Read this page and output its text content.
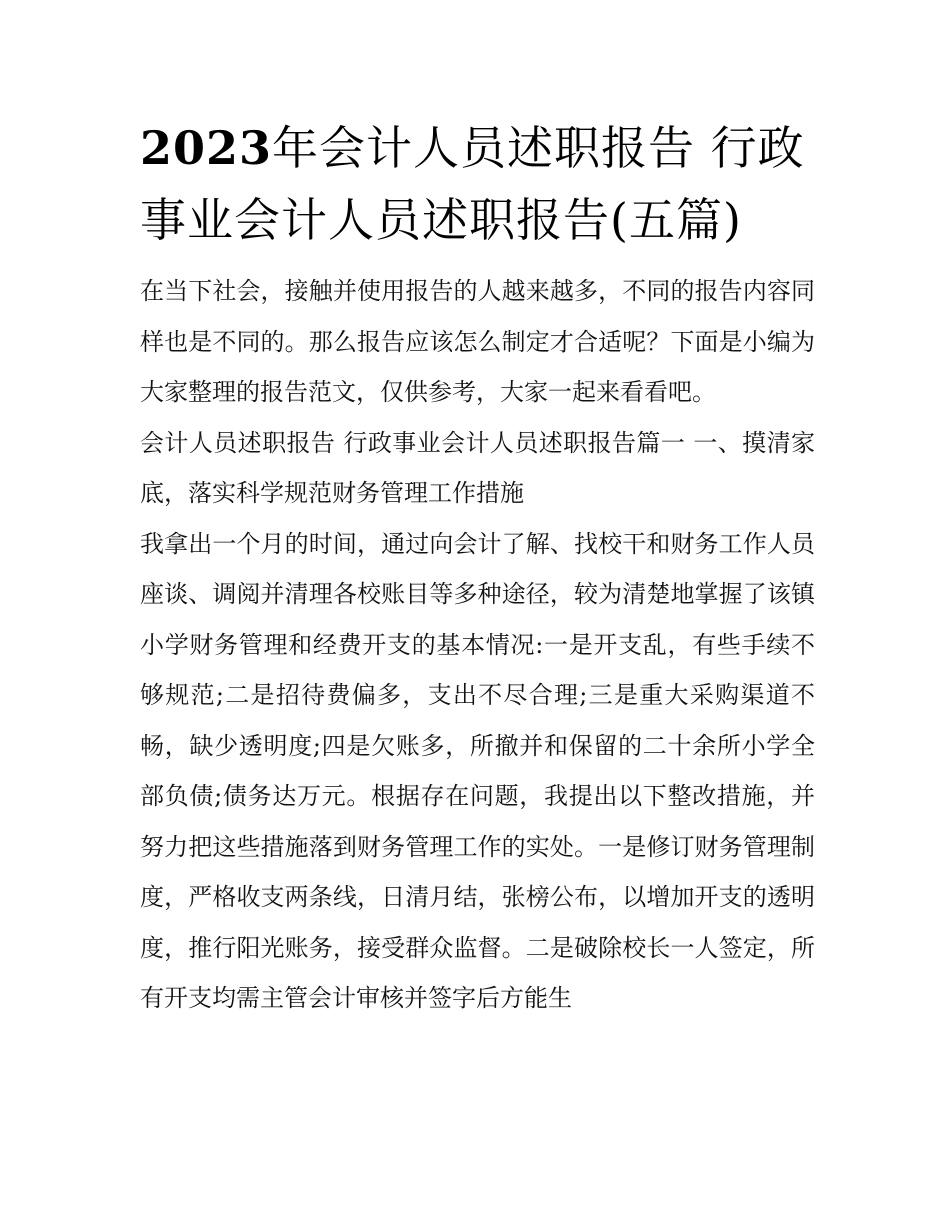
2023年会计人员述职报告 行政事业会计人员述职报告(五篇)

在当下社会，接触并使用报告的人越来越多，不同的报告内容同样也是不同的。那么报告应该怎么制定才合适呢？下面是小编为大家整理的报告范文，仅供参考，大家一起来看看吧。

会计人员述职报告 行政事业会计人员述职报告篇一 一、摸清家底，落实科学规范财务管理工作措施

我拿出一个月的时间，通过向会计了解、找校干和财务工作人员座谈、调阅并清理各校账目等多种途径，较为清楚地掌握了该镇小学财务管理和经费开支的基本情况:一是开支乱，有些手续不够规范;二是招待费偏多，支出不尽合理;三是重大采购渠道不畅，缺少透明度;四是欠账多，所撤并和保留的二十余所小学全部负债;债务达万元。根据存在问题，我提出以下整改措施，并努力把这些措施落到财务管理工作的实处。一是修订财务管理制度，严格收支两条线，日清月结，张榜公布，以增加开支的透明度，推行阳光账务，接受群众监督。二是破除校长一人签定，所有开支均需主管会计审核并签字后方能生
